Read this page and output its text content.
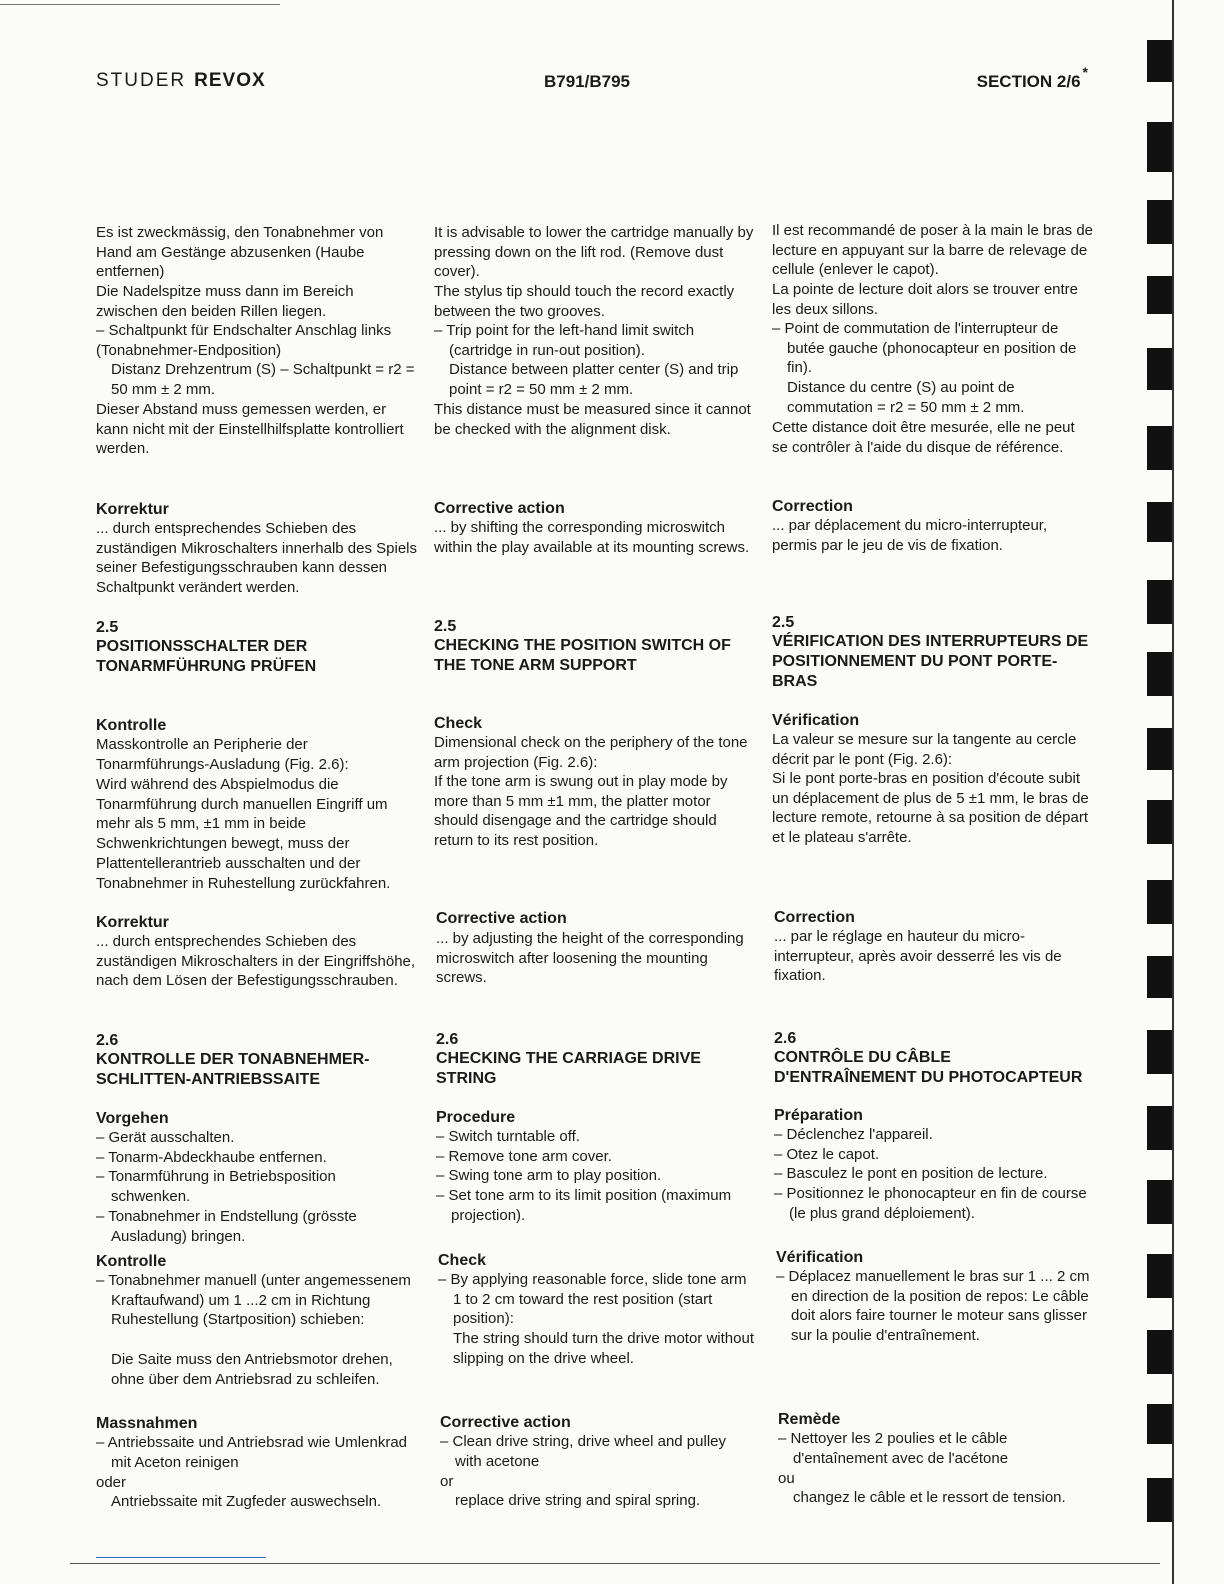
STUDER REVOX	B791/B795	SECTION 2/6 *

Es ist zweckmässig, den Tonabnehmer von Hand am Gestänge abzusenken (Haube entfernen)

Die Nadelspitze muss dann im Bereich zwischen den beiden Rillen liegen.

– Schaltpunkt für Endschalter Anschlag links (Tonabnehmer-Endposition)

Distanz Drehzentrum (S) – Schaltpunkt = r2 = 50 mm ± 2 mm.

Dieser Abstand muss gemessen werden, er kann nicht mit der Einstellhilfsplatte kontrolliert werden.

Korrektur

... durch entsprechendes Schieben des zuständigen Mikroschalters innerhalb des Spiels seiner Befestigungsschrauben kann dessen Schaltpunkt verändert werden.

2.5

POSITIONSSCHALTER DER TONARMFÜHRUNG PRÜFEN

Kontrolle

Masskontrolle an Peripherie der Tonarmführungs-Ausladung (Fig. 2.6):

Wird während des Abspielmodus die Tonarmführung durch manuellen Eingriff um mehr als 5 mm, ±1 mm in beide Schwenkrichtungen bewegt, muss der Plattentellerantrieb ausschalten und der Tonabnehmer in Ruhestellung zurückfahren.

Korrektur

... durch entsprechendes Schieben des zuständigen Mikroschalters in der Eingriffshöhe, nach dem Lösen der Befestigungsschrauben.

2.6

KONTROLLE DER TONABNEHMER-SCHLITTEN-ANTRIEBSSAITE

Vorgehen

– Gerät ausschalten.
– Tonarm-Abdeckhaube entfernen.
– Tonarmführung in Betriebsposition schwenken.
– Tonabnehmer in Endstellung (grösste Ausladung) bringen.

Kontrolle

– Tonabnehmer manuell (unter angemessenem Kraftaufwand) um 1 ...2 cm in Richtung Ruhestellung (Startposition) schieben:

Die Saite muss den Antriebsmotor drehen, ohne über dem Antriebsrad zu schleifen.

Massnahmen

– Antriebssaite und Antriebsrad wie Umlenkrad mit Aceton reinigen

oder

Antriebssaite mit Zugfeder auswechseln.

It is advisable to lower the cartridge manually by pressing down on the lift rod. (Remove dust cover).

The stylus tip should touch the record exactly between the two grooves.

– Trip point for the left-hand limit switch (cartridge in run-out position).

Distance between platter center (S) and trip point = r2 = 50 mm ± 2 mm.

This distance must be measured since it cannot be checked with the alignment disk.

Corrective action

... by shifting the corresponding microswitch within the play available at its mounting screws.

2.5

CHECKING THE POSITION SWITCH OF THE TONE ARM SUPPORT

Check

Dimensional check on the periphery of the tone arm projection (Fig. 2.6):

If the tone arm is swung out in play mode by more than 5 mm ±1 mm, the platter motor should disengage and the cartridge should return to its rest position.

Corrective action

... by adjusting the height of the corresponding microswitch after loosening the mounting screws.

2.6

CHECKING THE CARRIAGE DRIVE STRING

Procedure

– Switch turntable off.
– Remove tone arm cover.
– Swing tone arm to play position.
– Set tone arm to its limit position (maximum projection).

Check

– By applying reasonable force, slide tone arm 1 to 2 cm toward the rest position (start position):

The string should turn the drive motor without slipping on the drive wheel.

Corrective action

– Clean drive string, drive wheel and pulley with acetone

or

replace drive string and spiral spring.

Il est recommandé de poser à la main le bras de lecture en appuyant sur la barre de relevage de cellule (enlever le capot).

La pointe de lecture doit alors se trouver entre les deux sillons.

– Point de commutation de l'interrupteur de butée gauche (phonocapteur en position de fin).

Distance du centre (S) au point de commutation = r2 = 50 mm ± 2 mm.

Cette distance doit être mesurée, elle ne peut se contrôler à l'aide du disque de référence.

Correction

... par déplacement du micro-interrupteur, permis par le jeu de vis de fixation.

2.5

VÉRIFICATION DES INTERRUPTEURS DE POSITIONNEMENT DU PONT PORTE-BRAS

Vérification

La valeur se mesure sur la tangente au cercle décrit par le pont (Fig. 2.6):

Si le pont porte-bras en position d'écoute subit un déplacement de plus de 5 ±1 mm, le bras de lecture remote, retourne à sa position de départ et le plateau s'arrête.

Correction

... par le réglage en hauteur du micro-interrupteur, après avoir desserré les vis de fixation.

2.6

CONTRÔLE DU CÂBLE D'ENTRAÎNEMENT DU PHOTOCAPTEUR

Préparation

– Déclenchez l'appareil.
– Otez le capot.
– Basculez le pont en position de lecture.
– Positionnez le phonocapteur en fin de course (le plus grand déploiement).

Vérification

– Déplacez manuellement le bras sur 1 ... 2 cm en direction de la position de repos: Le câble doit alors faire tourner le moteur sans glisser sur la poulie d'entraînement.

Remède

– Nettoyer les 2 poulies et le câble d'entaînement avec de l'acétone

ou

changez le câble et le ressort de tension.
